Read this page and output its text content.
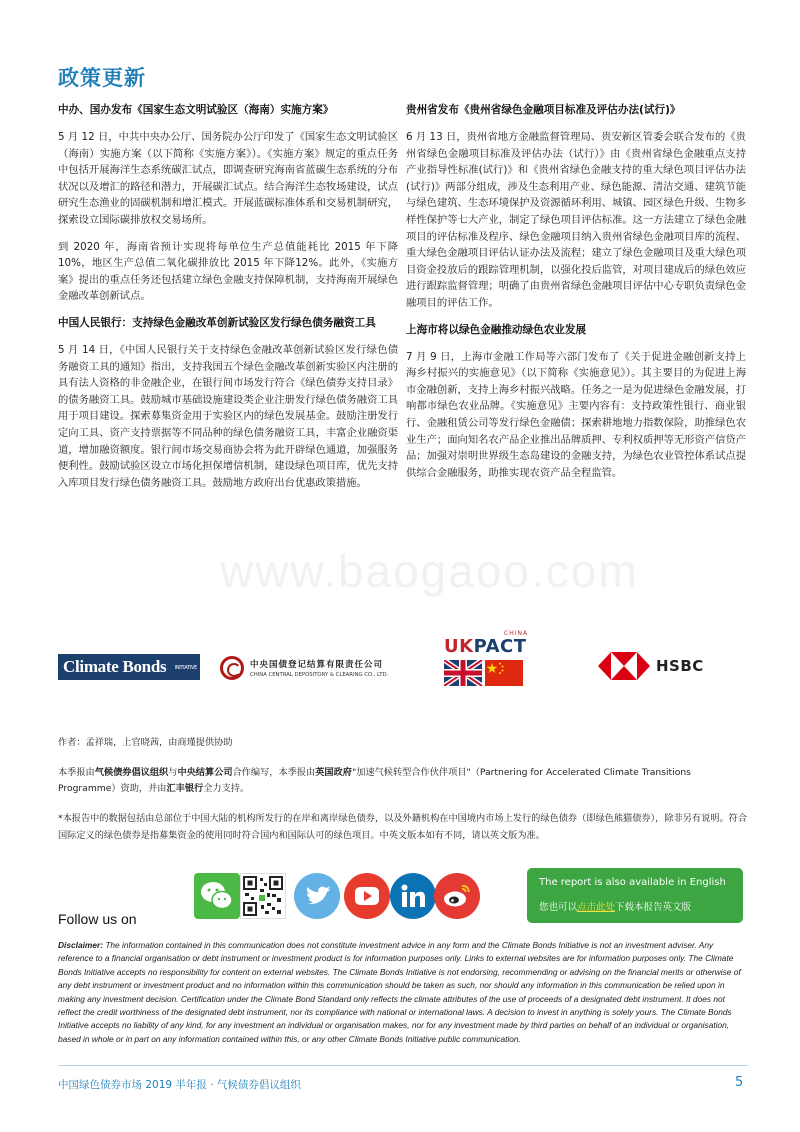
政策更新
中办、国办发布《国家生态文明试验区（海南）实施方案》

5 月 12 日，中共中央办公厅、国务院办公厅印发了《国家生态文明试验区（海南）实施方案（以下简称《实施方案》）。《实施方案》规定的重点任务中包括开展海洋生态系统碳汇试点，即调查研究海南省蓝碳生态系统的分布状况以及增汇的路径和潜力，开展碳汇试点。结合海洋生态牧场建设，试点研究生态渔业的固碳机制和增汇模式。开展蓝碳标准体系和交易机制研究，探索设立国际碳排放权交易场所。

到 2020 年，海南省预计实现将每单位生产总值能耗比 2015 年下降 10%，地区生产总值二氧化碳排放比 2015 年下降12%。此外，《实施方案》提出的重点任务还包括建立绿色金融支持保障机制，支持海南开展绿色金融改革创新试点。

中国人民银行：支持绿色金融改革创新试验区发行绿色债务融资工具

5 月 14 日，《中国人民银行关于支持绿色金融改革创新试验区发行绿色债务融资工具的通知》指出，支持我国五个绿色金融改革创新实验区内注册的具有法人资格的非金融企业，在银行间市场发行符合《绿色债券支持目录》的债务融资工具。鼓励城市基础设施建设类企业注册发行绿色债务融资工具用于项目建设。探索募集资金用于实验区内的绿色发展基金。鼓励注册发行定向工具、资产支持票据等不同品种的绿色债务融资工具，丰富企业融资渠道，增加融资额度。银行间市场交易商协会将为此开辟绿色通道，加强服务便利性。鼓励试验区设立市场化担保增信机制，建设绿色项目库，优先支持入库项目发行绿色债务融资工具。鼓励地方政府出台优惠政策措施。

贵州省发布《贵州省绿色金融项目标准及评估办法(试行)》

6 月 13 日，贵州省地方金融监督管理局、贵安新区管委会联合发布的《贵州省绿色金融项目标准及评估办法（试行）》由《贵州省绿色金融重点支持产业指导性标准(试行)》和《贵州省绿色金融支持的重大绿色项目评估办法(试行)》两部分组成，涉及生态利用产业、绿色能源、清洁交通、建筑节能与绿色建筑、生态环境保护及资源循环利用、城镇、园区绿色升级、生物多样性保护等七大产业，制定了绿色项目评估标准。这一方法建立了绿色金融项目的评估标准及程序、绿色金融项目纳入贵州省绿色金融项目库的流程、重大绿色金融项目评估认证办法及流程；建立了绿色金融项目及重大绿色项目资金投放后的跟踪管理机制，以强化投后监管，对项目建成后的绿色效应进行跟踪监督管理；明确了由贵州省绿色金融项目评估中心专职负责绿色金融项目的评估工作。

上海市将以绿色金融推动绿色农业发展

7 月 9 日，上海市金融工作局等六部门发布了《关于促进金融创新支持上海乡村振兴的实施意见》（以下简称《实施意见》）。其主要目的为促进上海市金融创新，支持上海乡村振兴战略。任务之一是为促进绿色金融发展，打响都市绿色农业品牌。《实施意见》主要内容有：支持政策性银行、商业银行、金融租赁公司等发行绿色金融债；探索耕地地力指数保险，助推绿色农业生产；面向知名农产品企业推出品牌质押、专利权质押等无形资产信贷产品；加强对崇明世界级生态岛建设的金融支持，为绿色农业管控体系试点提供综合金融服务，助推实现农资产品全程监管。

www.baogaoo.com
Climate Bonds INITIATIVE	中央国债登记结算有限责任公司
CHINA CENTRAL DEPOSITORY & CLEARING CO., LTD.
CHINA
UKPACT
HSBC
作者：孟祥瑞，上官晓茜，由商瑾提供协助
本季报由气候债券倡议组织与中央结算公司合作编写，本季报由英国政府"加速气候转型合作伙伴项目"（Partnering for Accelerated Climate Transitions Programme）资助，并由汇丰银行全力支持。
*本报告中的数据包括由总部位于中国大陆的机构所发行的在岸和离岸绿色债券，以及外籍机构在中国境内市场上发行的绿色债券（即绿色熊猫债券），除非另有说明。符合国际定义的绿色债券是指募集资金的使用同时符合国内和国际认可的绿色项目。中英文版本如有不同，请以英文版为准。
Follow us on
The report is also available in English
您也可以点击此处下载本报告英文版
Disclaimer: The information contained in this communication does not constitute investment advice in any form and the Climate Bonds Initiative is not an investment adviser. Any reference to a financial organisation or debt instrument or investment product is for information purposes only. Links to external websites are for information purposes only. The Climate Bonds Initiative accepts no responsibility for content on external websites. The Climate Bonds Initiative is not endorsing, recommending or advising on the financial merits or otherwise of any debt instrument or investment product and no information within this communication should be taken as such, nor should any information in this communication be relied upon in making any investment decision. Certification under the Climate Bond Standard only reflects the climate attributes of the use of proceeds of a designated debt instrument. It does not reflect the credit worthiness of the designated debt instrument, nor its compliance with national or international laws. A decision to invest in anything is solely yours. The Climate Bonds Initiative accepts no liability of any kind, for any investment an individual or organisation makes, nor for any investment made by third parties on behalf of an individual or organisation, based in whole or in part on any information contained within this, or any other Climate Bonds Initiative public communication.
中国绿色债券市场 2019 半年报 · 气候债券倡议组织	5
